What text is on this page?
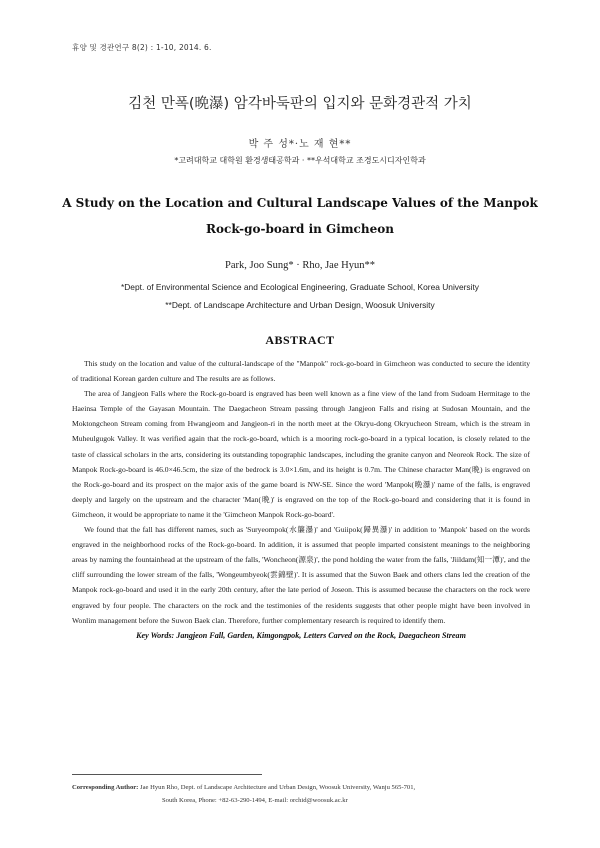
휴양 및 경관연구 8(2) : 1-10, 2014. 6.
김천 만폭(晩瀑) 암각바둑판의 입지와 문화경관적 가치
박 주 성*·노 재 현**
*고려대학교 대학원 환경생태공학과 · **우석대학교 조경도시디자인학과
A Study on the Location and Cultural Landscape Values of the Manpok
Rock-go-board in Gimcheon
Park, Joo Sung* · Rho, Jae Hyun**
*Dept. of Environmental Science and Ecological Engineering, Graduate School, Korea University
**Dept. of Landscape Architecture and Urban Design, Woosuk University
ABSTRACT

This study on the location and value of the cultural-landscape of the "Manpok" rock-go-board in Gimcheon was conducted to secure the identity of traditional Korean garden culture and The results are as follows.

The area of Jangjeon Falls where the Rock-go-board is engraved has been well known as a fine view of the land from Sudoam Hermitage to the Haeinsa Temple of the Gayasan Mountain. The Daegacheon Stream passing through Jangjeon Falls and rising at Sudosan Mountain, and the Moktongcheon Stream coming from Hwangjeom and Jangjeon-ri in the north meet at the Okryu-dong Okryucheon Stream, which is the stream in Muheulgugok Valley. It was verified again that the rock-go-board, which is a mooring rock-go-board in a typical location, is closely related to the taste of classical scholars in the arts, considering its outstanding topographic landscapes, including the granite canyon and Neoreok Rock. The size of Manpok Rock-go-board is 46.0×46.5cm, the size of the bedrock is 3.0×1.6m, and its height is 0.7m. The Chinese character Man(晩) is engraved on the Rock-go-board and its prospect on the major axis of the game board is NW-SE. Since the word 'Manpok(晩瀑)' name of the falls, is engraved deeply and largely on the upstream and the character 'Man(晩)' is engraved on the top of the Rock-go-board and considering that it is found in Gimcheon, it would be appropriate to name it the 'Gimcheon Manpok Rock-go-board'.

We found that the fall has different names, such as 'Suryeompok(水簾瀑)' and 'Guiipok(歸異瀑)' in addition to 'Manpok' based on the words engraved in the neighborhood rocks of the Rock-go-board. In addition, it is assumed that people imparted consistent meanings to the neighboring areas by naming the fountainhead at the upstream of the falls, 'Woncheon(源泉)', the pond holding the water from the falls, 'Jiildam(知一潭)', and the cliff surrounding the lower stream of the falls, 'Wongeumbyeok(雲錦壁)'. It is assumed that the Suwon Baek and others clans led the creation of the Manpok rock-go-board and used it in the early 20th century, after the late period of Joseon. This is assumed because the characters on the rock were engraved by four people. The characters on the rock and the testimonies of the residents suggests that other people might have been involved in Wonlim management before the Suwon Baek clan. Therefore, further complementary research is required to identify them.

Key Words: Jangjeon Fall, Garden, Kimgongpok, Letters Carved on the Rock, Daegacheon Stream
Corresponding Author: Jae Hyun Rho, Dept. of Landscape Architecture and Urban Design, Woosuk University, Wanju 565-701,
South Korea, Phone: +82-63-290-1494, E-mail: orchid@woosuk.ac.kr
